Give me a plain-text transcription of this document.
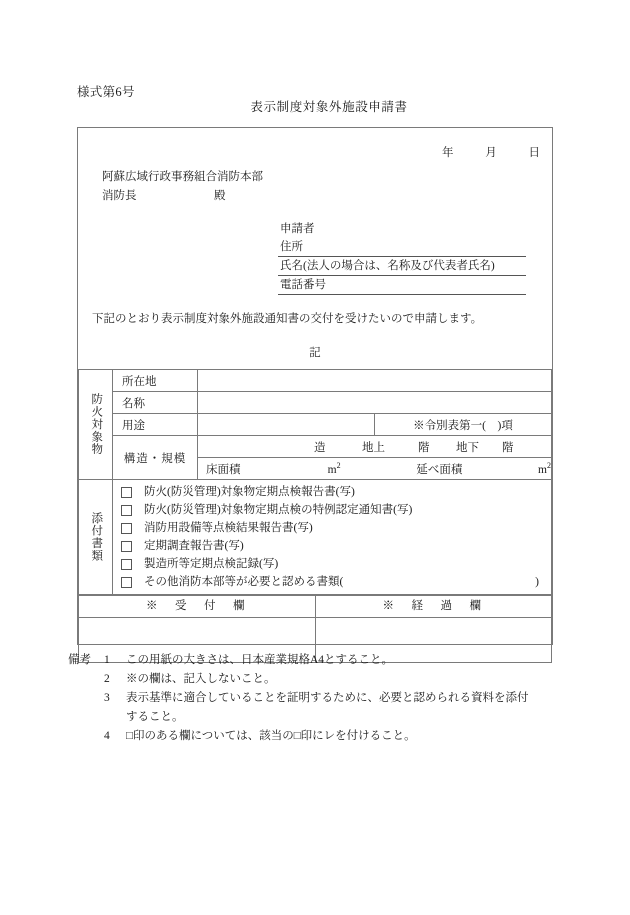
様式第6号
表示制度対象外施設申請書
年	月	日
阿蘇広域行政事務組合消防本部
消防長	殿
申請者
住所
氏名(法人の場合は、名称及び代表者氏名)
電話番号
下記のとおり表示制度対象外施設通知書の交付を受けたいので申請します。
記
防火対象物	所在地		

名称		

用途		※令別表第一(　)項

構造・規模	造 地上 階 地下 階	

		床面積 $m^2$ 延べ面積 $m^2$

添付書類

防火(防災管理)対象物定期点検報告書(写)
防火(防災管理)対象物定期点検の特例認定通知書(写)
消防用設備等点検結果報告書(写)
定期調査報告書(写)
製造所等定期点検記録(写)
その他消防本部等が必要と認める書類(	)
※　受　付　欄	※　経　過　欄

備考	1	この用紙の大きさは、日本産業規格A4とすること。
2	※の欄は、記入しないこと。
3	表示基準に適合していることを証明するために、必要と認められる資料を添付
すること。
4	□印のある欄については、該当の□印にレを付けること。
